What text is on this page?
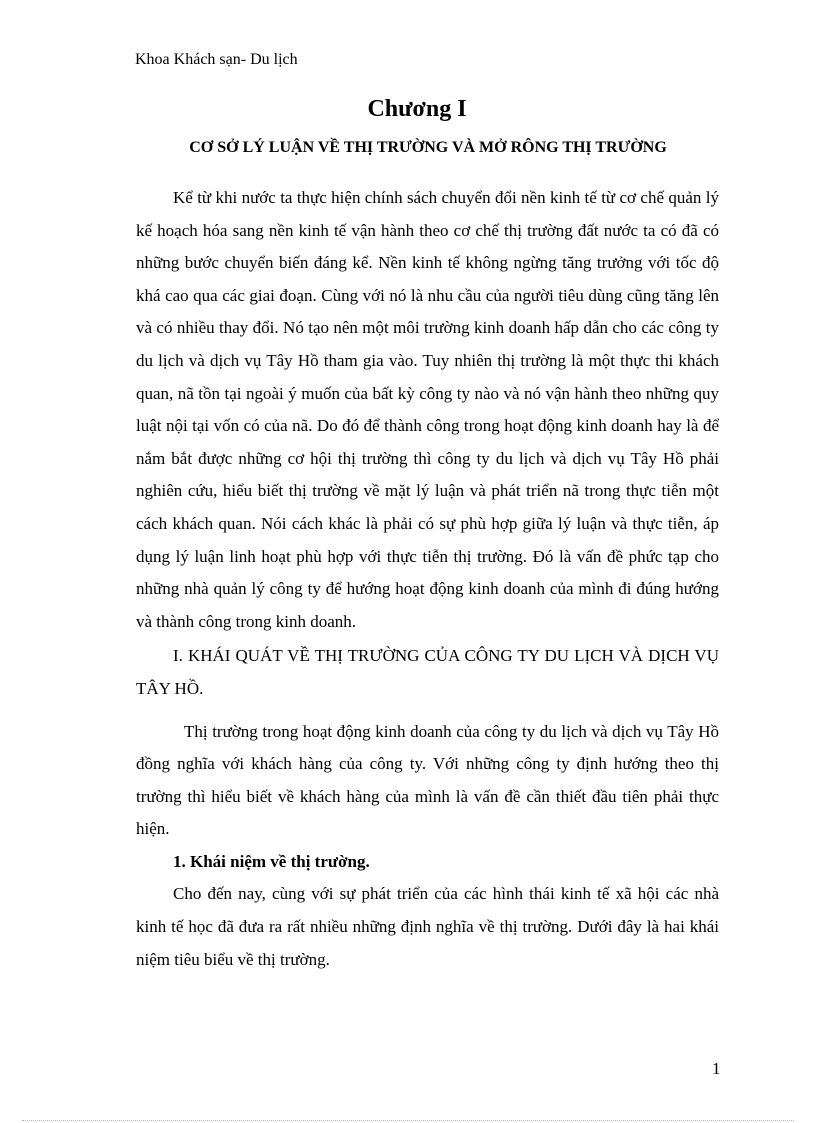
Khoa Khách sạn- Du lịch
Chương I
CƠ SỞ LÝ LUẬN VỀ THỊ TRƯỜNG VÀ MỞ RÔNG THỊ TRƯỜNG

Kể từ khi nước ta thực hiện chính sách chuyển đổi nền kinh tế từ cơ chế quản lý kế hoạch hóa sang nền kinh tế vận hành theo cơ chế thị trường đất nước ta có đã có những bước chuyển biến đáng kể. Nền kinh tế không ngừng tăng trưởng với tốc độ khá cao qua các giai đoạn. Cùng với nó là nhu cầu của người tiêu dùng cũng tăng lên và có nhiều thay đổi. Nó tạo nên một môi trường kinh doanh hấp dẫn cho các công ty du lịch và dịch vụ Tây Hồ tham gia vào. Tuy nhiên thị trường là một thực thi khách quan, nã tồn tại ngoài ý muốn của bất kỳ công ty nào và nó vận hành theo những quy luật nội tại vốn có của nã. Do đó để thành công trong hoạt động kinh doanh hay là để nắm bắt được những cơ hội thị trường thì công ty du lịch và dịch vụ Tây Hồ phải nghiên cứu, hiểu biết thị trường về mặt lý luận và phát triển nã trong thực tiễn một cách khách quan. Nói cách khác là phải có sự phù hợp giữa lý luận và thực tiễn, áp dụng lý luận linh hoạt phù hợp với thực tiễn thị trường. Đó là vấn đề phức tạp cho những nhà quản lý công ty để hướng hoạt động kinh doanh của mình đi đúng hướng và thành công trong kinh doanh.

I. KHÁI QUÁT VỀ THỊ TRƯỜNG CỦA CÔNG TY DU LỊCH VÀ DỊCH VỤ TÂY HỒ.

Thị trường trong hoạt động kinh doanh của công ty du lịch và dịch vụ Tây Hồ đồng nghĩa với khách hàng của công ty. Với những công ty định hướng theo thị trường thì hiểu biết về khách hàng của mình là vấn đề cần thiết đầu tiên phải thực hiện.

1. Khái niệm về thị trường.

Cho đến nay, cùng với sự phát triển của các hình thái kinh tế xã hội các nhà kinh tế học đã đưa ra rất nhiều những định nghĩa về thị trường. Dưới đây là hai khái niệm tiêu biểu về thị trường.

1
